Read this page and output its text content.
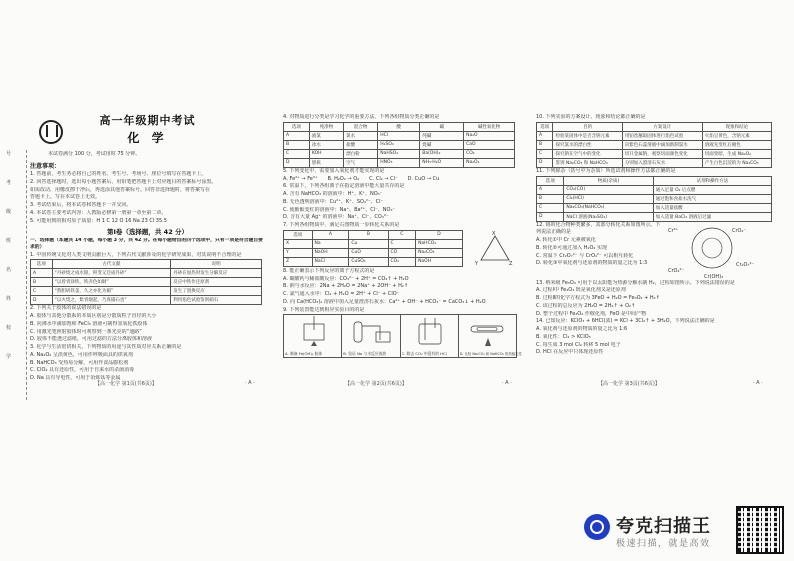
号
考
级
班
名
姓
校
学
高一年级期中考试
化 学
本试卷满分 100 分，考试用时 75 分钟。
注意事项：
1. 答题前，考生务必将自己的姓名、考生号、考场号、座位号填写在答题卡上。
2. 回答选择题时，选出每小题答案后，用铅笔把答题卡上对应题目的答案标号涂黑。
如需改动，用橡皮擦干净后，再选涂其他答案标号。回答非选择题时，将答案写在
答题卡上。写在本试卷上无效。
3. 考试结束后，将本试卷和答题卡一并交回。
4. 本试卷主要考试内容：人教版必修第一册第一章至第二章。
5. 可能用到的相对原子质量：H 1 C 12 O 16 Na 23 Cl 35.5
第Ⅰ卷（选择题，共 42 分）
一、选择题（本题共 14 小题，每小题 3 分，共 42 分。在每小题给出的四个选项中，只有一项是符合题目要求的）
1. 中国传统文化对人类文明贡献巨大，下列古代文献涉及的化学研究成果，对其说明不合理的是
选项	古代文献	说明
A	“丹砂烧之成水银，积变又还成丹砂”	丹砂在加热时发生分解反应
B	“以曾青涂铁，铁赤色如铜”	反应中铁作还原剂
C	“熬胆矾铁釜，久之亦化为铜”	发生了置换反应
D	“以火烧之，紫青烟起，乃真硝石也”	利用焰色试验鉴别硝石
2. 下列关于胶体的说法错误的是
A. 胶体与其他分散系的本质区别是分散质粒子直径的大小
B. 向沸水中滴加饱和 FeCl₃ 溶液可制得氢氧化铁胶体
C. 用激光笔照射胶体时可观察到一条光亮的“通路”
D. 胶体不能透过滤纸，可用过滤的方法分离胶体和溶液
3. 化学与生活密切相关，下列物质的用途与其性质对应关系正确的是
A. Na₂O₂ 呈淡黄色，可用作呼吸面具的供氧剂
B. NaHCO₃ 受热易分解，可用作食品膨松剂
C. ClO₂ 具有还原性，可用于自来水的杀菌消毒
D. Na 具有导电性，可用于冶炼钛等金属
4. 对物质进行分类是学习化学的重要方法，下列各组物质分类正确的是
选项	纯净物	混合物	酸	碱	碱性氧化物
A	液氯	氯水	HCl	纯碱	Na₂O
B	冰水	盐酸	H₂SO₄	烧碱	CaO
C	KOH	漂白粉	NaHSO₄	Ba(OH)₂	CO₂
D	胆矾	空气	HNO₃	NH₃·H₂O	Na₂O₂
5. 下列变化中，需要加入氧化剂才能实现的是
A. Fe²⁺ → Fe³⁺ B. H₂O₂ → O₂ C. Cl₂ → Cl⁻ D. CuO → Cu
6. 常温下，下列各组离子在指定溶液中能大量共存的是
A. 含有 NaHCO₃ 的溶液中：H⁺、K⁺、NO₃⁻
B. 无色透明溶液中：Cu²⁺、K⁺、SO₄²⁻、Cl⁻
C. 使酚酞变红的溶液中：Na⁺、Ba²⁺、Cl⁻、NO₃⁻
D. 含有大量 Ag⁺ 的溶液中：Na⁺、Cl⁻、CO₃²⁻
7. 下列各组物质中，满足右图物质一步转化关系的是
选项	A	B	C	D
X	Na	Cu	C	NaHCO₃
Y	NaOH	CuO	CO	Na₂CO₃
Z	NaCl	CuSO₄	CO₂	NaOH
X
Y	Z
8. 能正确表示下列反应的离子方程式的是
A. 碳酸钙与稀盐酸反应：CO₃²⁻ + 2H⁺ = CO₂↑ + H₂O
B. 钠与水反应：2Na + 2H₂O = 2Na⁺ + 2OH⁻ + H₂↑
C. 氯气通入水中：Cl₂ + H₂O = 2H⁺ + Cl⁻ + ClO⁻
D. 向 Ca(HCO₃)₂ 溶液中加入足量澄清石灰水：Ca²⁺ + OH⁻ + HCO₃⁻ = CaCO₃↓ + H₂O
9. 下列装置能达到相应实验目的的是
A. 制备 Fe(OH)₃ 胶体	B. 验证 Na 与水反应放热	C. 除去 CO₂ 中混有的 HCl	D. 比较 Na₂CO₃ 和 NaHCO₃ 的热稳定性
10. 下列实验的方案设计、现象和结论都正确的是
选项	目的	方案设计	现象和结论
A	检验某固体中是否含钠元素	用铂丝蘸取固体进行焰色试验	火焰呈黄色，含钠元素
B	探究氯水的漂白性	向紫色石蕊溶液中滴加新制氯水	溶液先变红后褪色
C	探究钠在空气中的变化	切开金属钠，观察切面颜色变化	切面变暗，生成 Na₂O₂
D	鉴别 Na₂CO₃ 和 NaHCO₃	分别加入澄清石灰水	产生白色沉淀的为 Na₂CO₃
11. 下列除杂（括号中为杂质）所选试剂和操作方法都正确的是
选项	物质(杂质)	试剂和操作方法
A	CO₂(CO)	通入足量 O₂ 后点燃
B	Cl₂(HCl)	通过饱和食盐水洗气
C	Na₂CO₃(NaHCO₃)	加入适量盐酸
D	NaCl 溶液(Na₂SO₄)	加入适量 BaCl₂ 溶液后过滤
12. 铬的化合物种类繁多，其部分转化关系如图所示。下列说法正确的是
A. 转化①中 Cr 元素被氧化
B. 转化②可通过加入 H₂O₂ 实现
C. 常温下 Cr₂O₇²⁻ 与 CrO₄²⁻ 可以相互转化
D. 转化③中氧化剂与还原剂的物质的量之比为 1:3
Cr³⁺	CrO₂⁻
Cr₂O₇²⁻
CrO₄²⁻
Cr(OH)₃
13. 纳米级 Fe₃O₄ 可用于以太阳能为热源分解水制 H₂，过程如图所示。下列说法错误的是
A. 过程Ⅰ中 Fe₃O₄ 既是氧化剂又是还原剂
B. 过程Ⅱ的化学方程式为 3FeO + H₂O = Fe₃O₄ + H₂↑
C. 该过程的总反应为 2H₂O = 2H₂↑ + O₂↑
D. 整个过程中 Fe₃O₄ 作催化剂，FeO 是中间产物
14. 已知反应：KClO₃ + 6HCl(浓) = KCl + 3Cl₂↑ + 3H₂O，下列说法正确的是
A. 氧化剂与还原剂的物质的量之比为 1:6
B. 氧化性：Cl₂ > KClO₃
C. 每生成 3 mol Cl₂ 转移 5 mol 电子
D. HCl 在反应中只体现还原性
【高一化学 第1页(共6页)】	· A ·	【高一化学 第2页(共6页)】	· A ·	【高一化学 第3页(共6页)】	· A ·
夸克扫描王
极速扫描，就是高效
